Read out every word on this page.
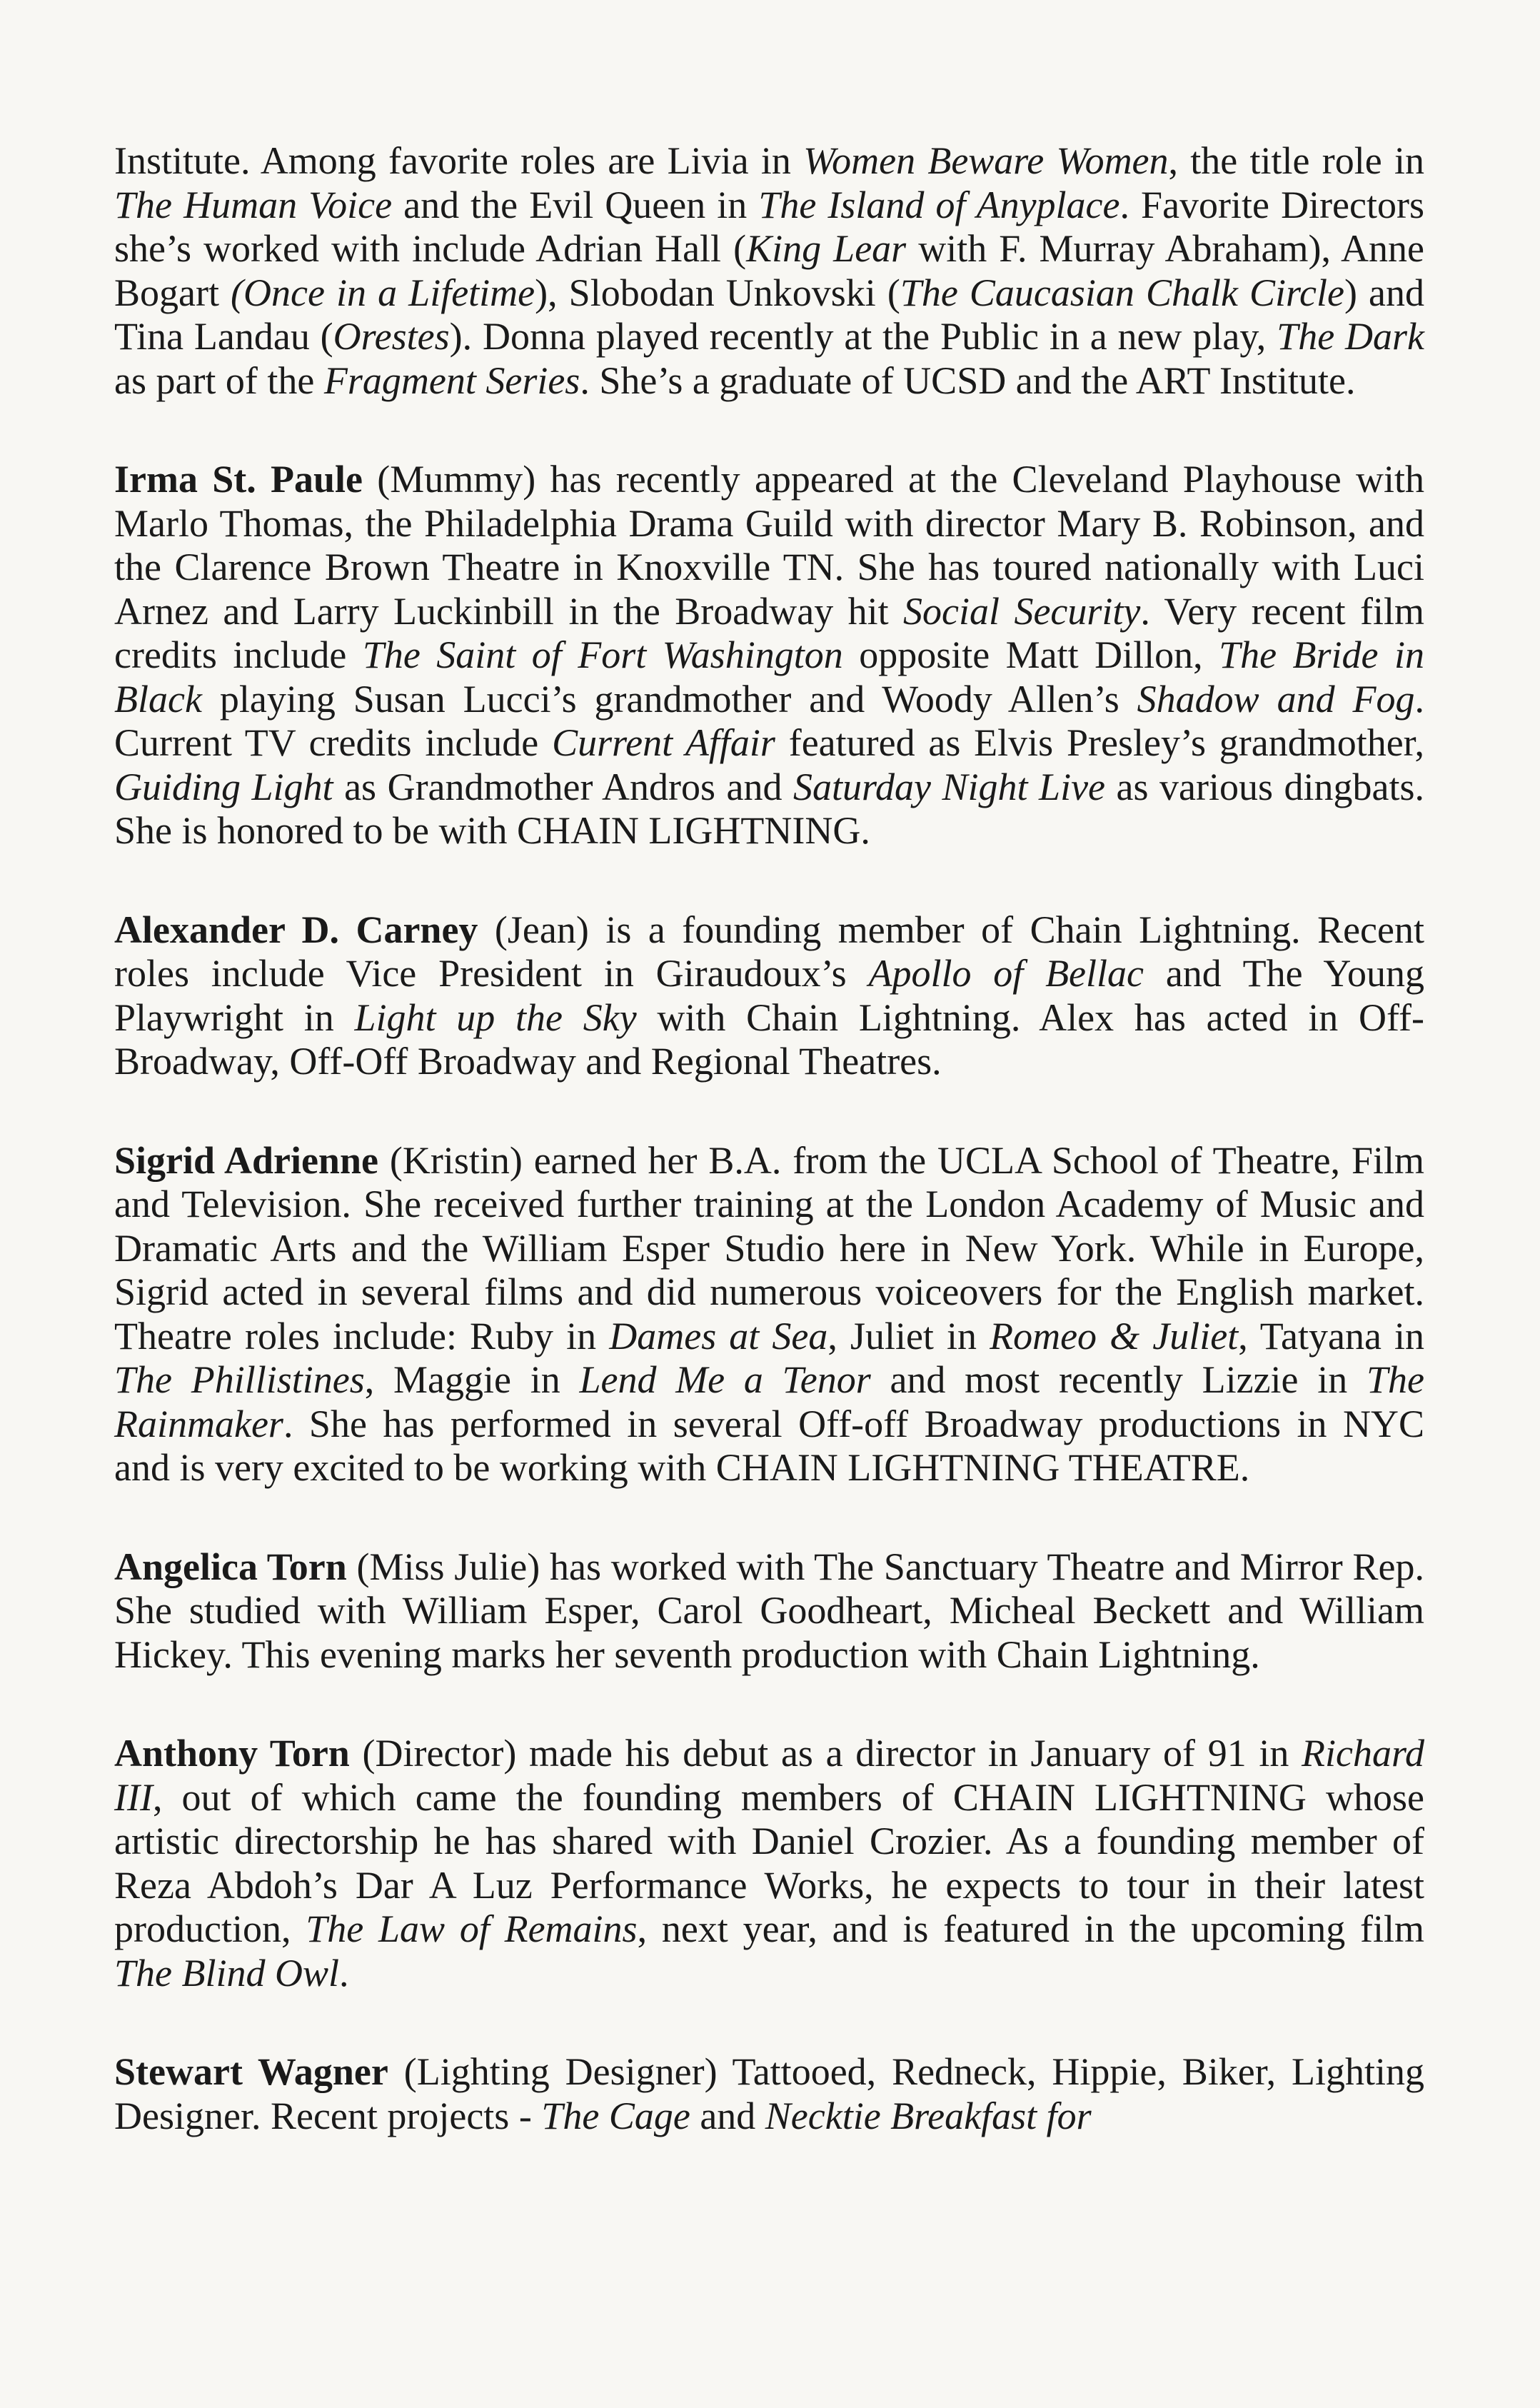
Institute. Among favorite roles are Livia in Women Beware Women, the title role in The Human Voice and the Evil Queen in The Island of Anyplace. Favorite Directors she’s worked with include Adrian Hall (King Lear with F. Murray Abraham), Anne Bogart (Once in a Lifetime), Slobodan Unkovski (The Caucasian Chalk Circle) and Tina Landau (Orestes). Donna played recently at the Public in a new play, The Dark as part of the Fragment Series. She’s a graduate of UCSD and the ART Institute.

Irma St. Paule (Mummy) has recently appeared at the Cleveland Playhouse with Marlo Thomas, the Philadelphia Drama Guild with director Mary B. Robinson, and the Clarence Brown Theatre in Knoxville TN. She has toured nationally with Luci Arnez and Larry Luckinbill in the Broadway hit Social Security. Very recent film credits include The Saint of Fort Washington opposite Matt Dillon, The Bride in Black playing Susan Lucci’s grandmother and Woody Allen’s Shadow and Fog. Current TV credits include Current Affair featured as Elvis Presley’s grandmother, Guiding Light as Grandmother Andros and Saturday Night Live as various dingbats. She is honored to be with CHAIN LIGHTNING.

Alexander D. Carney (Jean) is a founding member of Chain Lightning. Recent roles include Vice President in Giraudoux’s Apollo of Bellac and The Young Playwright in Light up the Sky with Chain Lightning. Alex has acted in Off-Broadway, Off-Off Broadway and Regional Theatres.

Sigrid Adrienne (Kristin) earned her B.A. from the UCLA School of Theatre, Film and Television. She received further training at the London Academy of Music and Dramatic Arts and the William Esper Studio here in New York. While in Europe, Sigrid acted in several films and did numerous voiceovers for the English market. Theatre roles include: Ruby in Dames at Sea, Juliet in Romeo & Juliet, Tatyana in The Phillistines, Maggie in Lend Me a Tenor and most recently Lizzie in The Rainmaker. She has performed in several Off-off Broadway productions in NYC and is very excited to be working with CHAIN LIGHTNING THEATRE.

Angelica Torn (Miss Julie) has worked with The Sanctuary Theatre and Mirror Rep. She studied with William Esper, Carol Goodheart, Micheal Beckett and William Hickey. This evening marks her seventh production with Chain Lightning.

Anthony Torn (Director) made his debut as a director in January of 91 in Richard III, out of which came the founding members of CHAIN LIGHTNING whose artistic directorship he has shared with Daniel Crozier. As a founding member of Reza Abdoh’s Dar A Luz Performance Works, he expects to tour in their latest production, The Law of Remains, next year, and is featured in the upcoming film The Blind Owl.

Stewart Wagner (Lighting Designer) Tattooed, Redneck, Hippie, Biker, Lighting Designer. Recent projects - The Cage and Necktie Breakfast for
